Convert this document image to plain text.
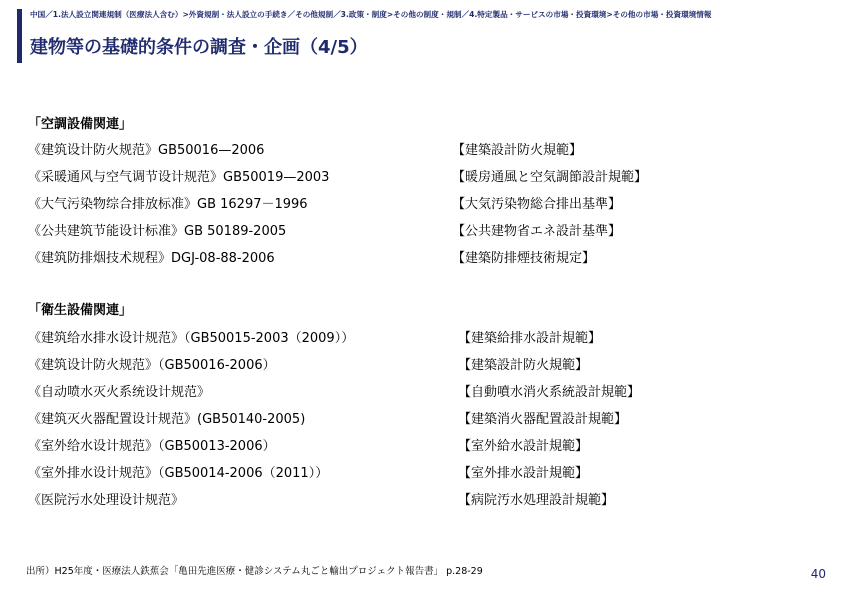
中国／1.法人設立関連規制（医療法人含む）>外資規制・法人設立の手続き／その他規制／3.政策・制度>その他の制度・規制／4.特定製品・サービスの市場・投資環境>その他の市場・投資環境情報
建物等の基礎的条件の調査・企画（4/5）
「空調設備関連」
《建筑设计防火规范》GB50016—2006	【建築設計防火規範】
《采暖通风与空气调节设计规范》GB50019—2003	【暖房通風と空気調節設計規範】
《大气污染物综合排放标准》GB 16297－1996	【大気汚染物総合排出基準】
《公共建筑节能设计标准》GB 50189-2005	【公共建物省エネ設計基準】
《建筑防排烟技术规程》DGJ-08-88-2006	【建築防排煙技術規定】
「衛生設備関連」
《建筑给水排水设计规范》（GB50015-2003（2009））	【建築給排水設計規範】
《建筑设计防火规范》（GB50016-2006）	【建築設計防火規範】
《自动喷水灭火系统设计规范》	【自動噴水消火系統設計規範】
《建筑灭火器配置设计规范》(GB50140-2005)	【建築消火器配置設計規範】
《室外给水设计规范》（GB50013-2006）	【室外給水設計規範】
《室外排水设计规范》（GB50014-2006（2011））	【室外排水設計規範】
《医院污水处理设计规范》	【病院汚水処理設計規範】
出所）H25年度・医療法人鉄蕉会「亀田先進医療・健診システム丸ごと輸出プロジェクト報告書」 p.28-29	40
